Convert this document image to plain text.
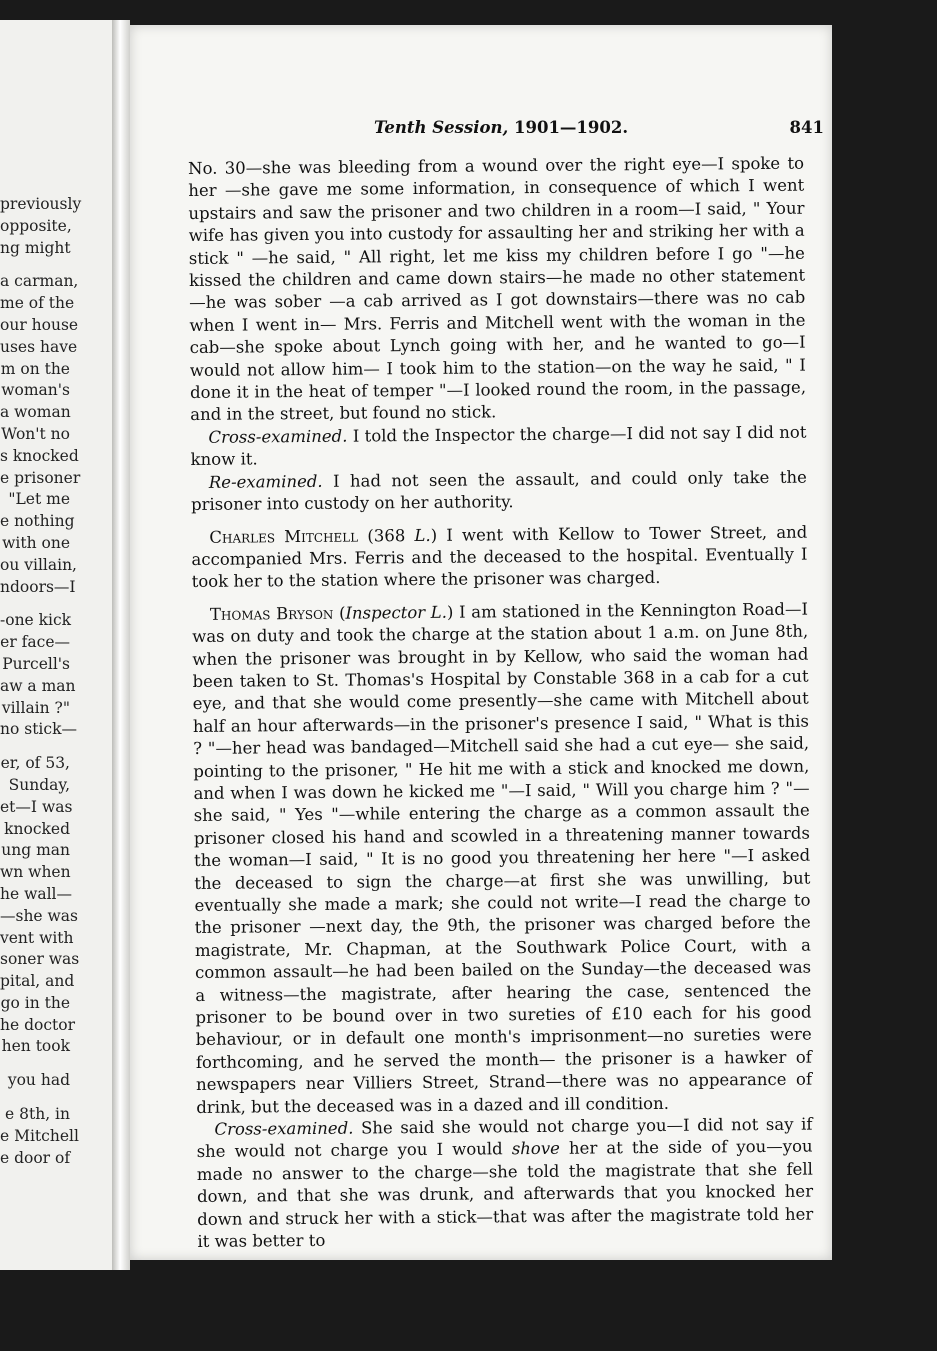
previously
opposite,
ng might
a carman,
me of the
our house
uses have
m on the
woman's
a woman
Won't no
s knocked
e prisoner
"Let me
e nothing
with one
ou villain,
ndoors—I
-one kick
er face—
Purcell's
aw a man
villain ?"
no stick—
er, of 53,
Sunday,
et—I was
knocked
ung man
wn when
he wall—
—she was
vent with
soner was
pital, and
go in the
he doctor
hen took
you had
e 8th, in
e Mitchell
e door of
Tenth Session, 1901—1902.	841

No. 30—she was bleeding from a wound over the right eye—I spoke to her —she gave me some information, in consequence of which I went upstairs and saw the prisoner and two children in a room—I said, " Your wife has given you into custody for assaulting her and striking her with a stick " —he said, " All right, let me kiss my children before I go "—he kissed the children and came down stairs—he made no other statement—he was sober —a cab arrived as I got downstairs—there was no cab when I went in— Mrs. Ferris and Mitchell went with the woman in the cab—she spoke about Lynch going with her, and he wanted to go—I would not allow him— I took him to the station—on the way he said, " I done it in the heat of temper "—I looked round the room, in the passage, and in the street, but found no stick.

Cross-examined. I told the Inspector the charge—I did not say I did not know it.

Re-examined. I had not seen the assault, and could only take the prisoner into custody on her authority.

Charles Mitchell (368 L.) I went with Kellow to Tower Street, and accompanied Mrs. Ferris and the deceased to the hospital. Eventually I took her to the station where the prisoner was charged.

Thomas Bryson (Inspector L.) I am stationed in the Kennington Road—I was on duty and took the charge at the station about 1 a.m. on June 8th, when the prisoner was brought in by Kellow, who said the woman had been taken to St. Thomas's Hospital by Constable 368 in a cab for a cut eye, and that she would come presently—she came with Mitchell about half an hour afterwards—in the prisoner's presence I said, " What is this ? "—her head was bandaged—Mitchell said she had a cut eye— she said, pointing to the prisoner, " He hit me with a stick and knocked me down, and when I was down he kicked me "—I said, " Will you charge him ? "—she said, " Yes "—while entering the charge as a common assault the prisoner closed his hand and scowled in a threatening manner towards the woman—I said, " It is no good you threatening her here "—I asked the deceased to sign the charge—at first she was unwilling, but eventually she made a mark; she could not write—I read the charge to the prisoner —next day, the 9th, the prisoner was charged before the magistrate, Mr. Chapman, at the Southwark Police Court, with a common assault—he had been bailed on the Sunday—the deceased was a witness—the magistrate, after hearing the case, sentenced the prisoner to be bound over in two sureties of £10 each for his good behaviour, or in default one month's imprisonment—no sureties were forthcoming, and he served the month— the prisoner is a hawker of newspapers near Villiers Street, Strand—there was no appearance of drink, but the deceased was in a dazed and ill condition.

Cross-examined. She said she would not charge you—I did not say if she would not charge you I would shove her at the side of you—you made no answer to the charge—she told the magistrate that she fell down, and that she was drunk, and afterwards that you knocked her down and struck her with a stick—that was after the magistrate told her it was better to
